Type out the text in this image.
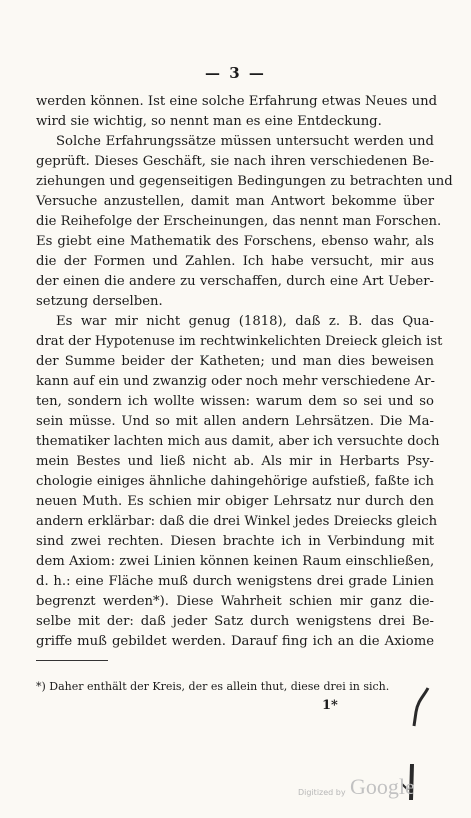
— 3 —
werden können. Ist eine solche Erfahrung etwas Neues und
wird sie wichtig, so nennt man es eine Entdeckung.
Solche Erfahrungssätze müssen untersucht werden und
geprüft. Dieses Geschäft, sie nach ihren verschiedenen Be-
ziehungen und gegenseitigen Bedingungen zu betrachten und
Versuche anzustellen, damit man Antwort bekomme über
die Reihefolge der Erscheinungen, das nennt man Forschen.
Es giebt eine Mathematik des Forschens, ebenso wahr, als
die der Formen und Zahlen. Ich habe versucht, mir aus
der einen die andere zu verschaffen, durch eine Art Ueber-
setzung derselben.
Es war mir nicht genug (1818), daß z. B. das Qua-
drat der Hypotenuse im rechtwinkelichten Dreieck gleich ist
der Summe beider der Katheten; und man dies beweisen
kann auf ein und zwanzig oder noch mehr verschiedene Ar-
ten, sondern ich wollte wissen: warum dem so sei und so
sein müsse. Und so mit allen andern Lehrsätzen. Die Ma-
thematiker lachten mich aus damit, aber ich versuchte doch
mein Bestes und ließ nicht ab. Als mir in Herbarts Psy-
chologie einiges ähnliche dahingehörige aufstieß, faßte ich
neuen Muth. Es schien mir obiger Lehrsatz nur durch den
andern erklärbar: daß die drei Winkel jedes Dreiecks gleich
sind zwei rechten. Diesen brachte ich in Verbindung mit
dem Axiom: zwei Linien können keinen Raum einschließen,
d. h.: eine Fläche muß durch wenigstens drei grade Linien
begrenzt werden*). Diese Wahrheit schien mir ganz die-
selbe mit der: daß jeder Satz durch wenigstens drei Be-
griffe muß gebildet werden. Darauf fing ich an die Axiome
*) Daher enthält der Kreis, der es allein thut, diese drei in sich.
1*
Digitized by Google
